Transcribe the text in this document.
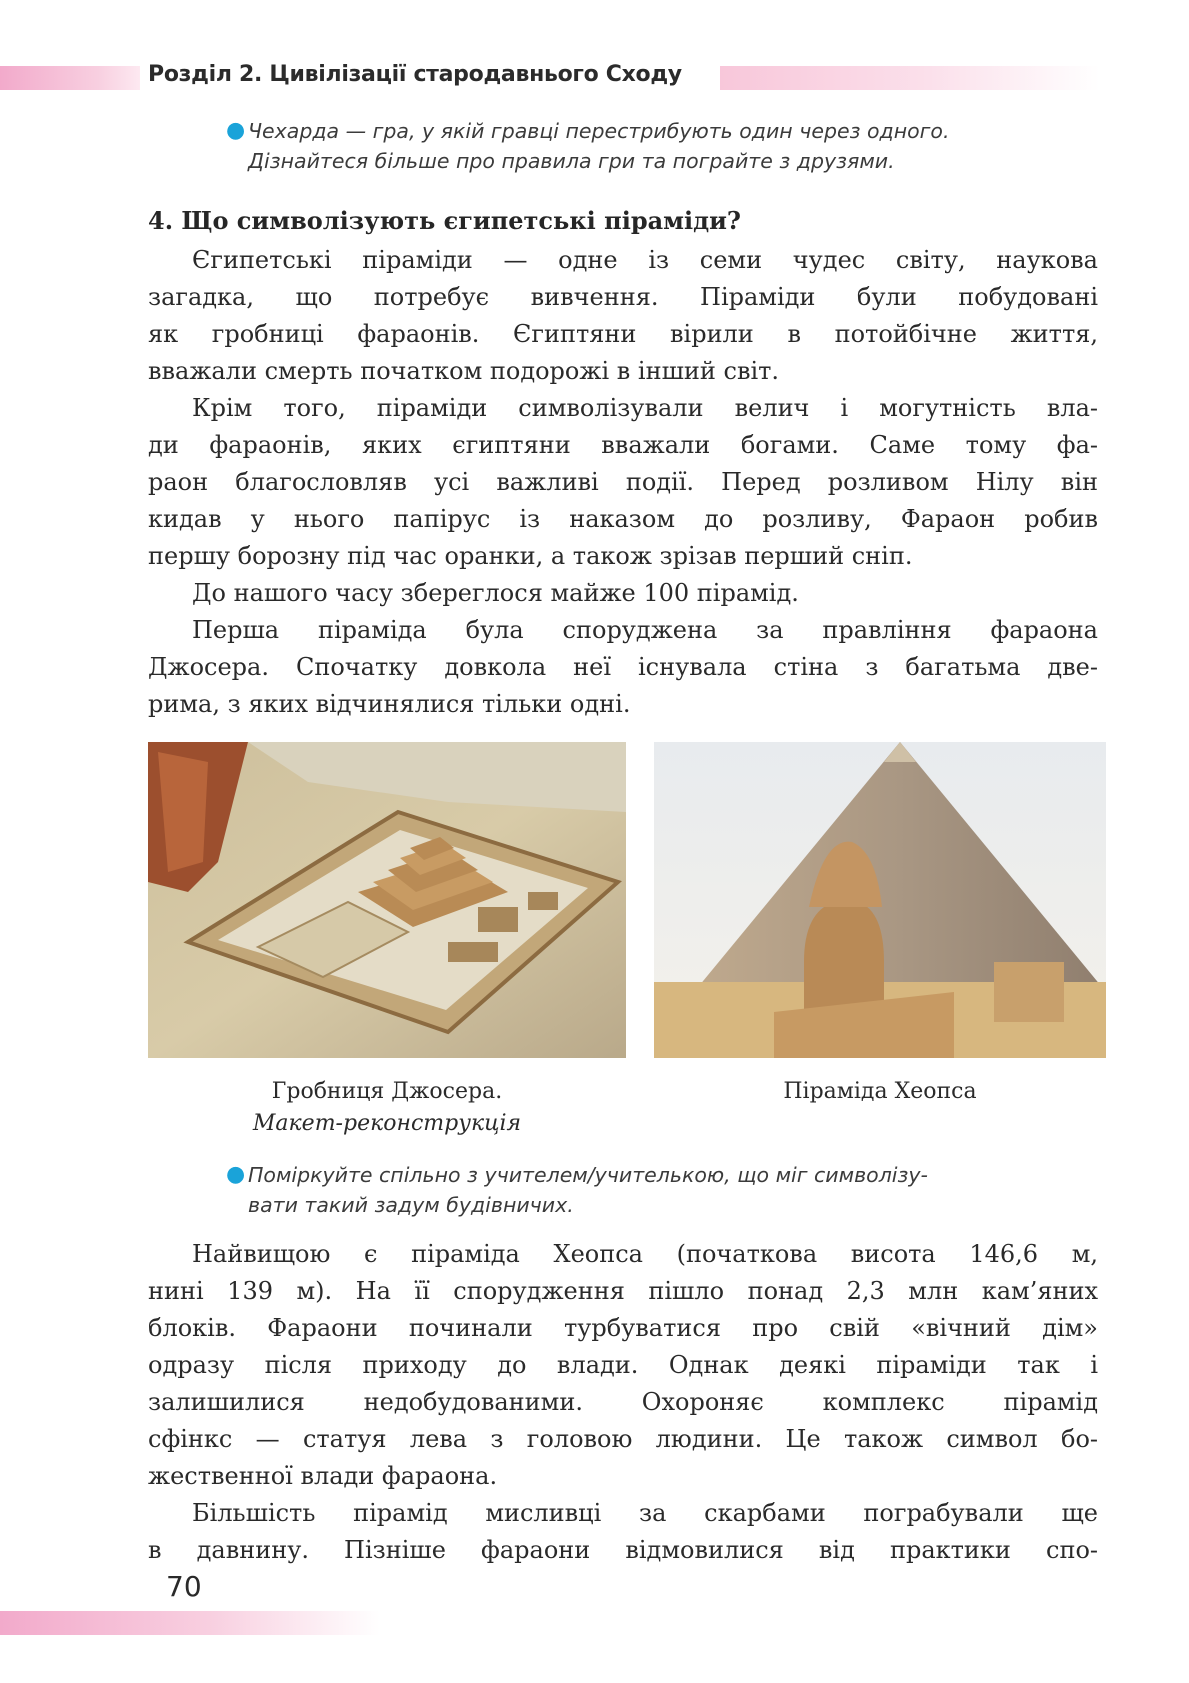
Розділ 2. Цивілізації стародавнього Сходу
● Чехарда — гра, у якій гравці перестрибують один через одного.

Дізнайтеся більше про правила гри та пограйте з друзями.

4. Що символізують єгипетські піраміди?

Єгипетські піраміди — одне із семи чудес світу, наукова
загадка, що потребує вивчення. Піраміди були побудовані
як гробниці фараонів. Єгиптяни вірили в потойбічне життя,
вважали смерть початком подорожі в інший світ.

Крім того, піраміди символізували велич і могутність вла-
ди фараонів, яких єгиптяни вважали богами. Саме тому фа-
раон благословляв усі важливі події. Перед розливом Нілу він
кидав у нього папірус із наказом до розливу, Фараон робив
першу борозну під час оранки, а також зрізав перший сніп.

До нашого часу збереглося майже 100 пірамід.

Перша піраміда була споруджена за правління фараона
Джосера. Спочатку довкола неї існувала стіна з багатьма две-
рима, з яких відчинялися тільки одні.

Гробниця Джосера.
Макет-реконструкція
Піраміда Хеопса
● Поміркуйте спільно з учителем/учителькою, що міг символізу-

вати такий задум будівничих.

Найвищою є піраміда Хеопса (початкова висота 146,6 м,
нині 139 м). На її спорудження пішло понад 2,3 млн кам’яних
блоків. Фараони починали турбуватися про свій «вічний дім»
одразу після приходу до влади. Однак деякі піраміди так і
залишилися недобудованими. Охороняє комплекс пірамід
сфінкс — статуя лева з головою людини. Це також символ бо-
жественної влади фараона.

Більшість пірамід мисливці за скарбами пограбували ще
в давнину. Пізніше фараони відмовилися від практики спо-

70
